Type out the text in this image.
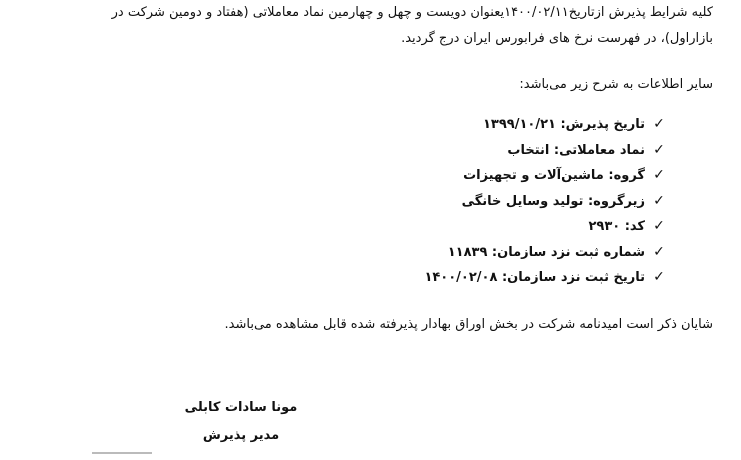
کلیه شرایط پذیرش ازتاریخ۱۴۰۰/۰۲/۱۱یعنوان دویست و چهل و چهارمین نماد معاملاتی (هفتاد و دومین شرکت در بازاراول)، در فهرست نرخ های فرابورس ایران درج گردید.
سایر اطلاعات به شرح زیر می‌باشد:
✓
تاریخ پذیرش: ۱۳۹۹/۱۰/۲۱
✓
نماد معاملاتی: انتخاب
✓
گروه: ماشین‌آلات و تجهیزات
✓
زیرگروه: تولید وسایل خانگی
✓
کد: ۲۹۳۰
✓
شماره ثبت نزد سازمان: ۱۱۸۳۹
✓
تاریخ ثبت نزد سازمان: ۱۴۰۰/۰۲/۰۸
شایان ذکر است امیدنامه شرکت در بخش اوراق بهادار پذیرفته شده قابل مشاهده می‌باشد.
مونا سادات کابلی
مدیر پذیرش
